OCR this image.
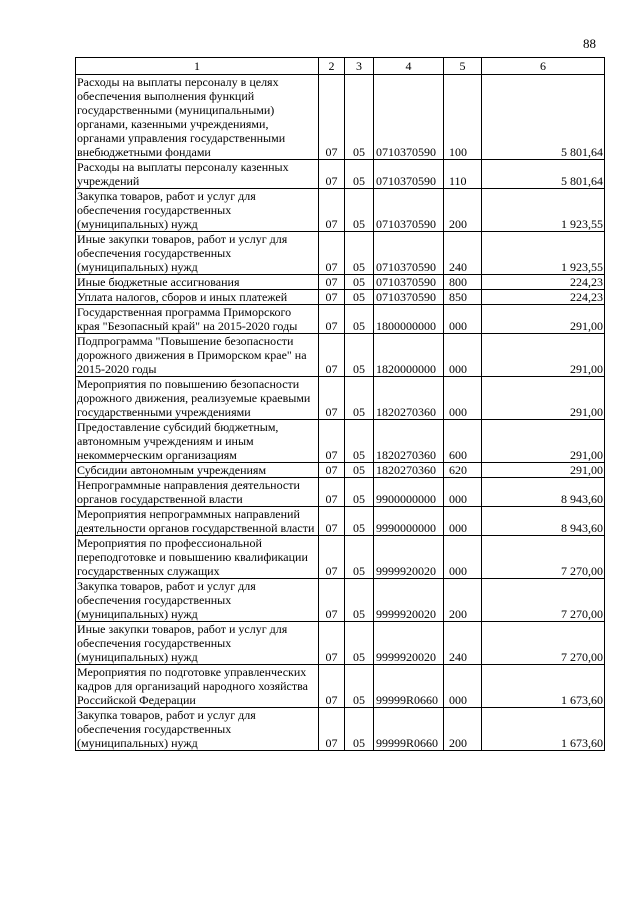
88
1	2	3	4	5	6
Расходы на выплаты персоналу в целях обеспечения выполнения функций государственными (муниципальными) органами, казенными учреждениями, органами управления государственными внебюджетными фондами	07	05	0710370590	100	5 801,64
Расходы на выплаты персоналу казенных учреждений	07	05	0710370590	110	5 801,64
Закупка товаров, работ и услуг для обеспечения государственных (муниципальных) нужд	07	05	0710370590	200	1 923,55
Иные закупки товаров, работ и услуг для обеспечения государственных (муниципальных) нужд	07	05	0710370590	240	1 923,55
Иные бюджетные ассигнования	07	05	0710370590	800	224,23
Уплата налогов, сборов и иных платежей	07	05	0710370590	850	224,23
Государственная программа Приморского края "Безопасный край" на 2015-2020 годы	07	05	1800000000	000	291,00
Подпрограмма "Повышение безопасности дорожного движения в Приморском крае" на 2015-2020 годы	07	05	1820000000	000	291,00
Мероприятия по повышению безопасности дорожного движения, реализуемые краевыми государственными учреждениями	07	05	1820270360	000	291,00
Предоставление субсидий бюджетным, автономным учреждениям и иным некоммерческим организациям	07	05	1820270360	600	291,00
Субсидии автономным учреждениям	07	05	1820270360	620	291,00
Непрограммные направления деятельности органов государственной власти	07	05	9900000000	000	8 943,60
Мероприятия непрограммных направлений деятельности органов государственной власти	07	05	9990000000	000	8 943,60
Мероприятия по профессиональной переподготовке и повышению квалификации государственных служащих	07	05	9999920020	000	7 270,00
Закупка товаров, работ и услуг для обеспечения государственных (муниципальных) нужд	07	05	9999920020	200	7 270,00
Иные закупки товаров, работ и услуг для обеспечения государственных (муниципальных) нужд	07	05	9999920020	240	7 270,00
Мероприятия по подготовке управленческих кадров для организаций народного хозяйства Российской Федерации	07	05	99999R0660	000	1 673,60
Закупка товаров, работ и услуг для обеспечения государственных (муниципальных) нужд	07	05	99999R0660	200	1 673,60
